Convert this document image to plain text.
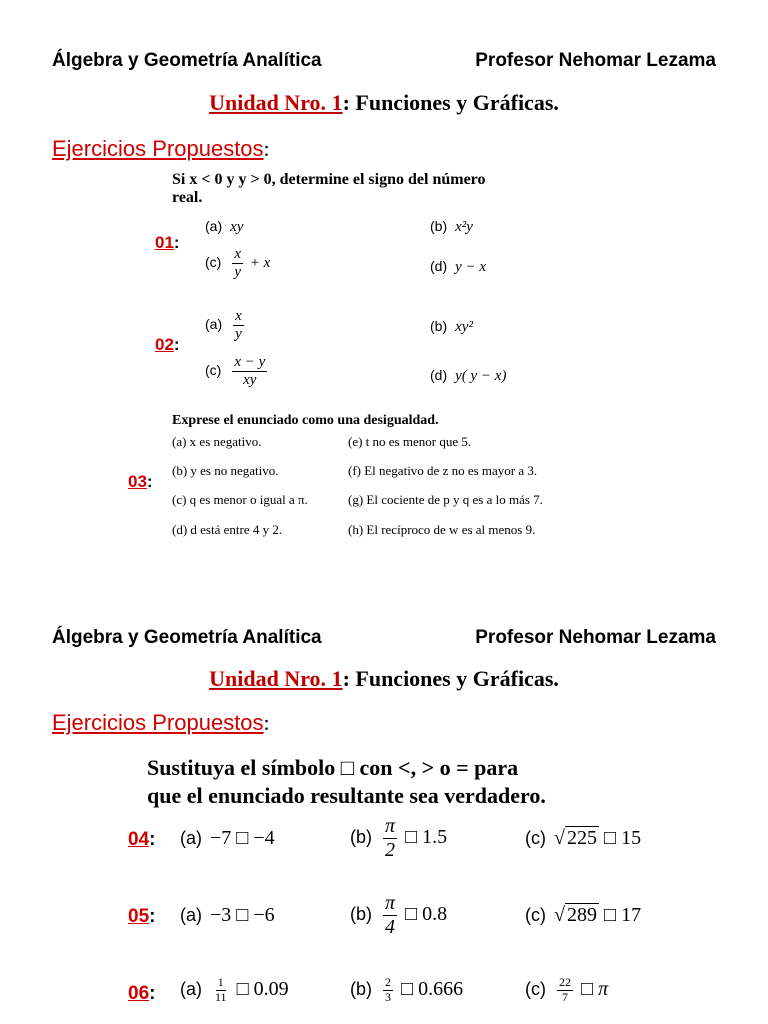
Álgebra y Geometría Analítica	Profesor Nehomar Lezama
Unidad Nro. 1: Funciones y Gráficas.
Ejercicios Propuestos:
Si x < 0 y y > 0, determine el signo del número
real.
01:
(a) xy	(b) x²y
$(c) \frac{x}{y} + x$	(d) y − x
02:
$(a) \frac{x}{y}$	(b) xy²
$(c) \frac{x - y}{xy}$	(d) y( y − x)
Exprese el enunciado como una desigualdad.
03:
(a) x es negativo.
(b) y es no negativo.
(c) q es menor o igual a π.
(d) d está entre 4 y 2.
(e) t no es menor que 5.
(f) El negativo de z no es mayor a 3.
(g) El cociente de p y q es a lo más 7.
(h) El recíproco de w es al menos 9.
Álgebra y Geometría Analítica	Profesor Nehomar Lezama
Unidad Nro. 1: Funciones y Gráficas.
Ejercicios Propuestos:
Sustituya el símbolo □ con <, > o = para
que el enunciado resultante sea verdadero.
04: (a) −7 □ −4	$(b) \frac{\pi}{2}$ □ 1.5	(c) √ 225 □ 15
05: (a) −3 □ −6	$(b) \frac{\pi}{4}$ □ 0.8	(c) √ 289 □ 17
06: $(a) \frac{1}{11}$ □ 0.09	$(b) \frac{2}{3}$ □ 0.666	$(c) \frac{22}{7}$ □ π
